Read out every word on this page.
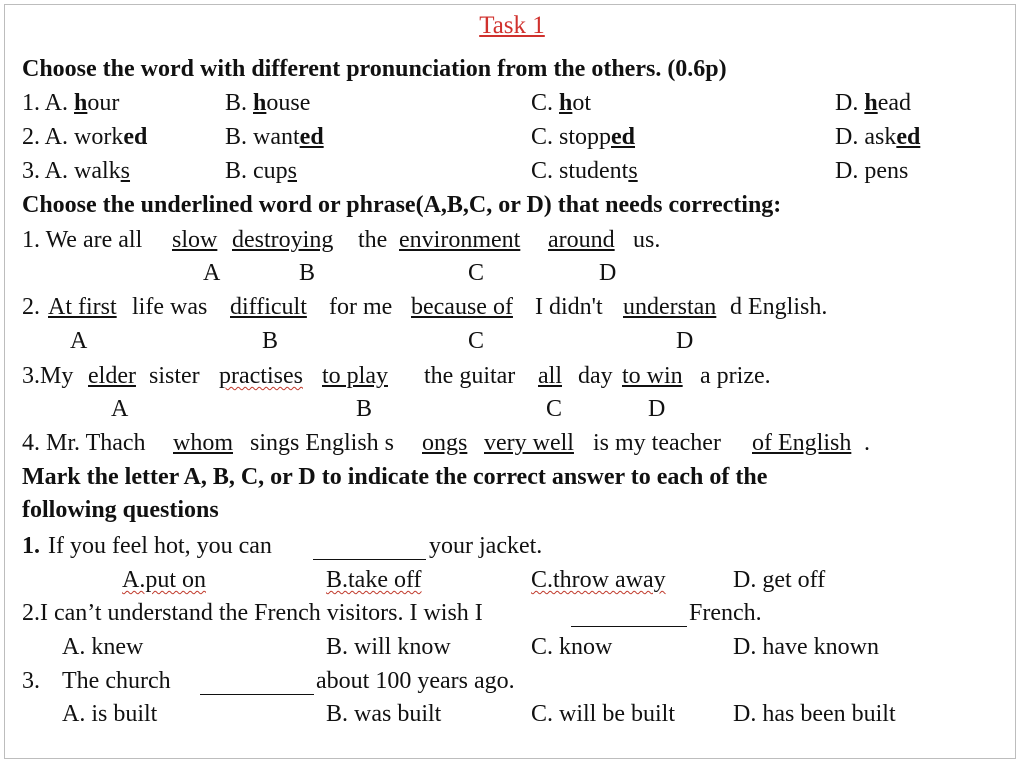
Task 1
Choose the word with different pronunciation from the others. (0.6p)
1. A. hour	B. house	C. hot	D. head
2. A. worked	B. wanted	C. stopped	D. asked
3. A. walks	B. cups	C. students	D. pens
Choose the underlined word or phrase(A,B,C, or D) that needs correcting:
1. We are all slow destroying the environment around us.
A	B	C	D
2. At first life was difficult for me because of I didn't understan d English.
A	B	C	D
3.My elder sister practises to play the guitar all day to win a prize.
A	B	C	D
4. Mr. Thach whom sings English s ongs very well is my teacher of English .
Mark the letter A, B, C, or D to indicate the correct answer to each of the
following questions
1. If you feel hot, you can	your jacket.
A.put on	B.take off	C.throw away	D. get off
2.I can’t understand the French visitors. I wish I	French.
A. knew	B. will know	C. know	D. have known
3. The church	about 100 years ago.
A. is built	B. was built	C. will be built D. has been built
